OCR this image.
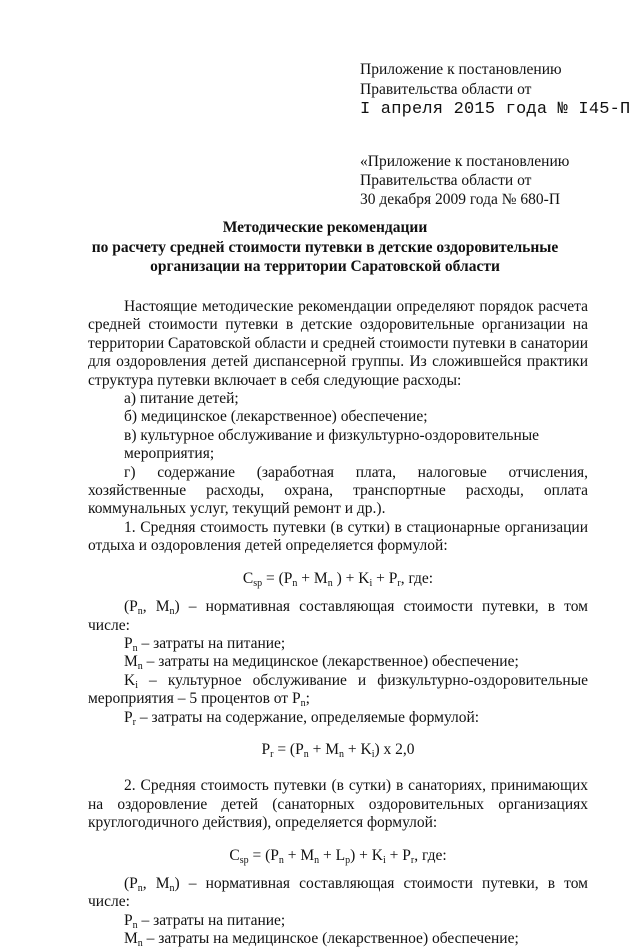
Приложение к постановлению
Правительства области от
I апреля 2015 года № I45-П
«Приложение к постановлению
Правительства области от
30 декабря 2009 года № 680-П
Методические рекомендации
по расчету средней стоимости путевки в детские оздоровительные
организации на территории Саратовской области

Настоящие методические рекомендации определяют порядок расчета средней стоимости путевки в детские оздоровительные организации на территории Саратовской области и средней стоимости путевки в санатории для оздоровления детей диспансерной группы. Из сложившейся практики структура путевки включает в себя следующие расходы:

а) питание детей;

б) медицинское (лекарственное) обеспечение;

в) культурное обслуживание и физкультурно-оздоровительные мероприятия;

г) содержание (заработная плата, налоговые отчисления, хозяйственные расходы, охрана, транспортные расходы, оплата коммунальных услуг, текущий ремонт и др.).

1. Средняя стоимость путевки (в сутки) в стационарные организации отдыха и оздоровления детей определяется формулой:

$C_{sp} = (P_n + M_n$ ) + $K_i + P_r$, где:

($P_n$, $M_n$) – нормативная составляющая стоимости путевки, в том числе:

$P_n$ – затраты на питание;

$M_n$ – затраты на медицинское (лекарственное) обеспечение;

$K_i$ – культурное обслуживание и физкультурно-оздоровительные мероприятия – 5 процентов от $P_n$;

$P_r$ – затраты на содержание, определяемые формулой:

$P_r = (P_n + M_n + K_i)$ x 2,0

2. Средняя стоимость путевки (в сутки) в санаториях, принимающих на оздоровление детей (санаторных оздоровительных организациях круглогодичного действия), определяется формулой:

$C_{sp} = (P_n + M_n + L_p) + K_i + P_r$, где:

($P_n$, $M_n$) – нормативная составляющая стоимости путевки, в том числе:

$P_n$ – затраты на питание;

$M_n$ – затраты на медицинское (лекарственное) обеспечение;
